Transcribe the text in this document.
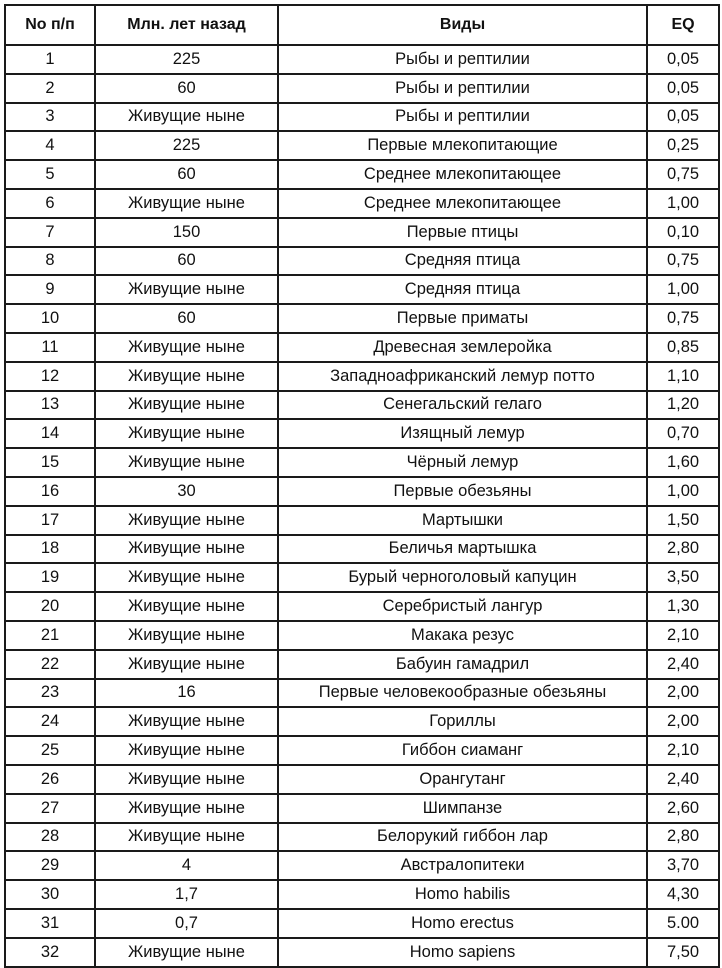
No п/п	Млн. лет назад	Виды	EQ
1	225	Рыбы и рептилии	0,05
2	60	Рыбы и рептилии	0,05
3	Живущие ныне	Рыбы и рептилии	0,05
4	225	Первые млекопитающие	0,25
5	60	Среднее млекопитающее	0,75
6	Живущие ныне	Среднее млекопитающее	1,00
7	150	Первые птицы	0,10
8	60	Средняя птица	0,75
9	Живущие ныне	Средняя птица	1,00
10	60	Первые приматы	0,75
11	Живущие ныне	Древесная землеройка	0,85
12	Живущие ныне	Западноафриканский лемур потто	1,10
13	Живущие ныне	Сенегальский гелаго	1,20
14	Живущие ныне	Изящный лемур	0,70
15	Живущие ныне	Чёрный лемур	1,60
16	30	Первые обезьяны	1,00
17	Живущие ныне	Мартышки	1,50
18	Живущие ныне	Беличья мартышка	2,80
19	Живущие ныне	Бурый черноголовый капуцин	3,50
20	Живущие ныне	Серебристый лангур	1,30
21	Живущие ныне	Макака резус	2,10
22	Живущие ныне	Бабуин гамадрил	2,40
23	16	Первые человекообразные обезьяны	2,00
24	Живущие ныне	Гориллы	2,00
25	Живущие ныне	Гиббон сиаманг	2,10
26	Живущие ныне	Орангутанг	2,40
27	Живущие ныне	Шимпанзе	2,60
28	Живущие ныне	Белорукий гиббон лар	2,80
29	4	Австралопитеки	3,70
30	1,7	Homo habilis	4,30
31	0,7	Homo erectus	5.00
32	Живущие ныне	Homo sapiens	7,50
